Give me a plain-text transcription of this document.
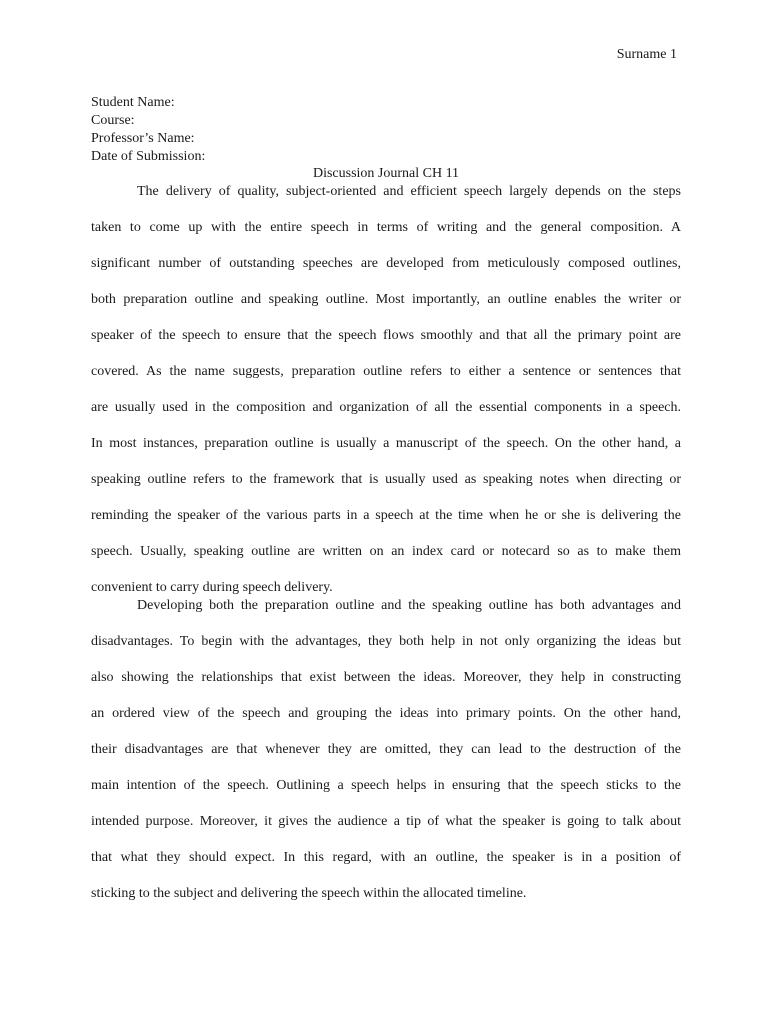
Surname 1
Student Name:
Course:
Professor’s Name:
Date of Submission:
Discussion Journal CH 11
The delivery of quality, subject-oriented and efficient speech largely depends on the steps
taken to come up with the entire speech in terms of writing and the general composition. A
significant number of outstanding speeches are developed from meticulously composed outlines,
both preparation outline and speaking outline. Most importantly, an outline enables the writer or
speaker of the speech to ensure that the speech flows smoothly and that all the primary point are
covered. As the name suggests, preparation outline refers to either a sentence or sentences that
are usually used in the composition and organization of all the essential components in a speech.
In most instances, preparation outline is usually a manuscript of the speech. On the other hand, a
speaking outline refers to the framework that is usually used as speaking notes when directing or
reminding the speaker of the various parts in a speech at the time when he or she is delivering the
speech. Usually, speaking outline are written on an index card or notecard so as to make them
convenient to carry during speech delivery.
Developing both the preparation outline and the speaking outline has both advantages and
disadvantages. To begin with the advantages, they both help in not only organizing the ideas but
also showing the relationships that exist between the ideas. Moreover, they help in constructing
an ordered view of the speech and grouping the ideas into primary points. On the other hand,
their disadvantages are that whenever they are omitted, they can lead to the destruction of the
main intention of the speech. Outlining a speech helps in ensuring that the speech sticks to the
intended purpose. Moreover, it gives the audience a tip of what the speaker is going to talk about
that what they should expect. In this regard, with an outline, the speaker is in a position of
sticking to the subject and delivering the speech within the allocated timeline.
